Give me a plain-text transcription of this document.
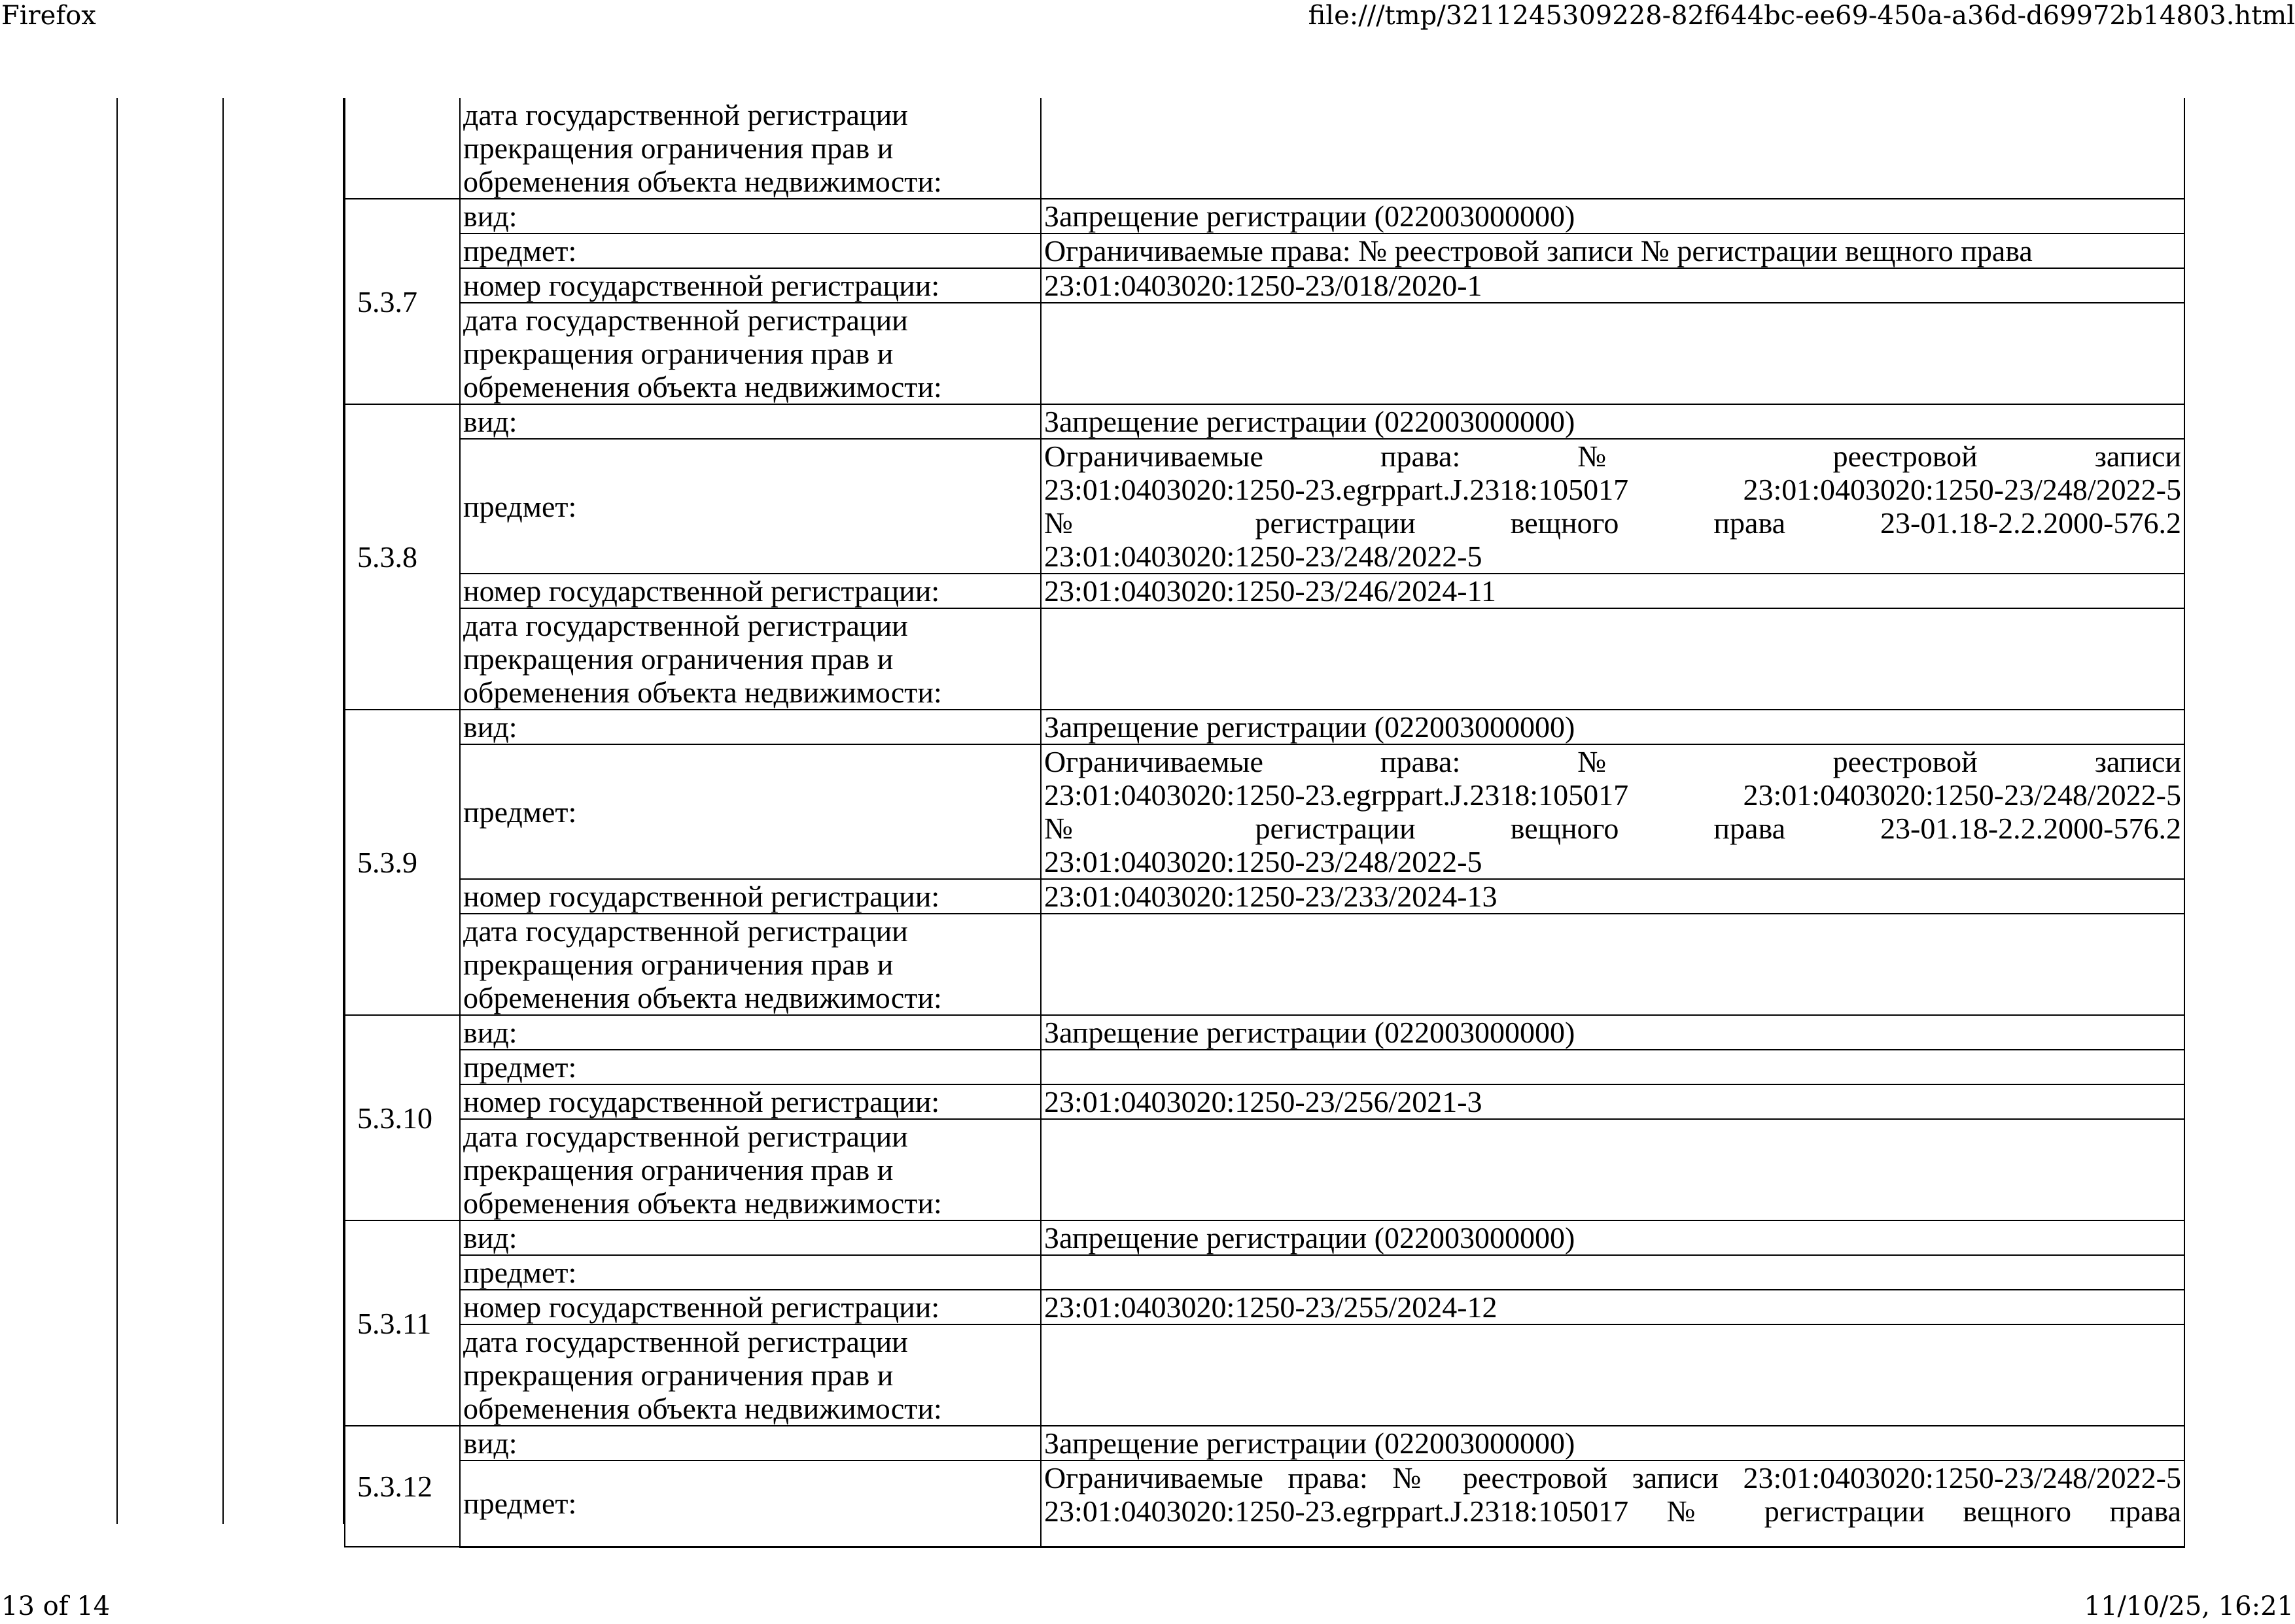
Firefox	file:///tmp/3211245309228-82f644bc-ee69-450a-a36d-d69972b14803.html

	дата государственной регистрации
прекращения ограничения прав и
обременения объекта недвижимости:	

5.3.7	вид:	Запрещение регистрации (022003000000)
	предмет:	Ограничиваемые права: № реестровой записи № регистрации вещного права
	номер государственной регистрации:	23:01:0403020:1250-23/018/2020-1

	дата государственной регистрации
прекращения ограничения прав и
обременения объекта недвижимости:	

5.3.8	вид:	Запрещение регистрации (022003000000)
	предмет:	Ограничиваемые права: № реестровой записи
23:01:0403020:1250-23.egrppart.J.2318:105017 23:01:0403020:1250-23/248/2022-5
№ регистрации вещного права 23-01.18-2.2.2000-576.2
23:01:0403020:1250-23/248/2022-5

	номер государственной регистрации:	23:01:0403020:1250-23/246/2024-11

	дата государственной регистрации
прекращения ограничения прав и
обременения объекта недвижимости:	

5.3.9	вид:	Запрещение регистрации (022003000000)
	предмет:	Ограничиваемые права: № реестровой записи
23:01:0403020:1250-23.egrppart.J.2318:105017 23:01:0403020:1250-23/248/2022-5
№ регистрации вещного права 23-01.18-2.2.2000-576.2
23:01:0403020:1250-23/248/2022-5

	номер государственной регистрации:	23:01:0403020:1250-23/233/2024-13

	дата государственной регистрации
прекращения ограничения прав и
обременения объекта недвижимости:	

5.3.10	вид:	Запрещение регистрации (022003000000)
	предмет:	
	номер государственной регистрации:	23:01:0403020:1250-23/256/2021-3

	дата государственной регистрации
прекращения ограничения прав и
обременения объекта недвижимости:	

5.3.11	вид:	Запрещение регистрации (022003000000)
	предмет:	
	номер государственной регистрации:	23:01:0403020:1250-23/255/2024-12

	дата государственной регистрации
прекращения ограничения прав и
обременения объекта недвижимости:	

5.3.12	вид:	Запрещение регистрации (022003000000)
	предмет:	Ограничиваемые права: № реестровой записи 23:01:0403020:1250-23/248/2022-5
23:01:0403020:1250-23.egrppart.J.2318:105017 № регистрации вещного права
13 of 14	11/10/25, 16:21
